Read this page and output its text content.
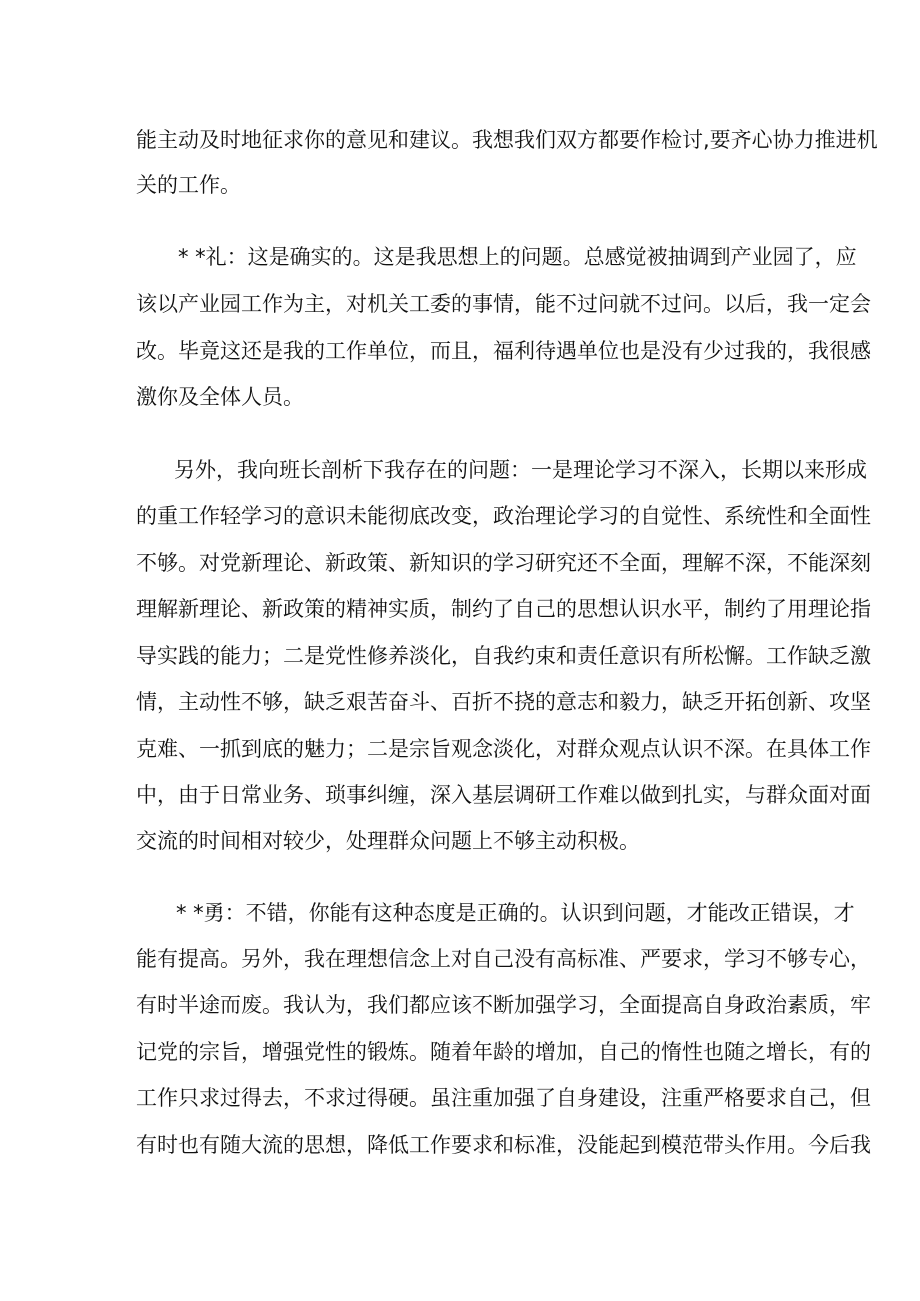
能主动及时地征求你的意见和建议。我想我们双方都要作检讨,要齐心协力推进机
关的工作。
* *礼：这是确实的。这是我思想上的问题。总感觉被抽调到产业园了，应
该以产业园工作为主，对机关工委的事情，能不过问就不过问。以后，我一定会
改。毕竟这还是我的工作单位，而且，福利待遇单位也是没有少过我的，我很感
激你及全体人员。
另外，我向班长剖析下我存在的问题：一是理论学习不深入，长期以来形成
的重工作轻学习的意识未能彻底改变，政治理论学习的自觉性、系统性和全面性
不够。对党新理论、新政策、新知识的学习研究还不全面，理解不深，不能深刻
理解新理论、新政策的精神实质，制约了自己的思想认识水平，制约了用理论指
导实践的能力；二是党性修养淡化，自我约束和责任意识有所松懈。工作缺乏激
情，主动性不够，缺乏艰苦奋斗、百折不挠的意志和毅力，缺乏开拓创新、攻坚
克难、一抓到底的魅力；二是宗旨观念淡化，对群众观点认识不深。在具体工作
中，由于日常业务、琐事纠缠，深入基层调研工作难以做到扎实，与群众面对面
交流的时间相对较少，处理群众问题上不够主动积极。
* *勇：不错，你能有这种态度是正确的。认识到问题，才能改正错误，才
能有提高。另外，我在理想信念上对自己没有高标准、严要求，学习不够专心，
有时半途而废。我认为，我们都应该不断加强学习，全面提高自身政治素质，牢
记党的宗旨，增强党性的锻炼。随着年龄的增加，自己的惰性也随之增长，有的
工作只求过得去，不求过得硬。虽注重加强了自身建设，注重严格要求自己，但
有时也有随大流的思想，降低工作要求和标准，没能起到模范带头作用。今后我
